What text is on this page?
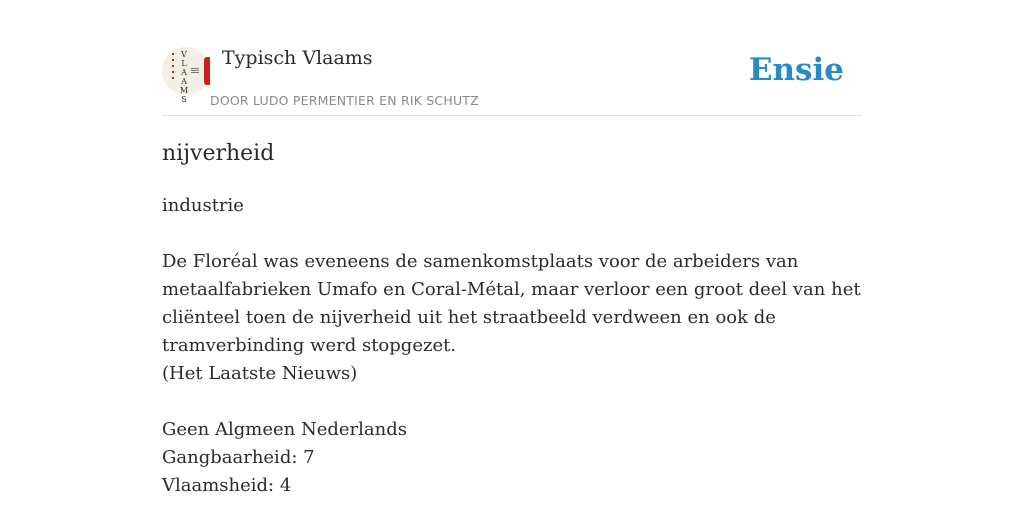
V
L
A
A
M
S
Typisch Vlaams
DOOR LUDO PERMENTIER EN RIK SCHUTZ
Ensie
nijverheid

industrie

De Floréal was eveneens de samenkomstplaats voor de arbeiders van metaalfabrieken Umafo en Coral-Métal, maar verloor een groot deel van het cliënteel toen de nijverheid uit het straatbeeld verdween en ook de tramverbinding werd stopgezet.

(Het Laatste Nieuws)

Geen Algmeen Nederlands

Gangbaarheid: 7

Vlaamsheid: 4
